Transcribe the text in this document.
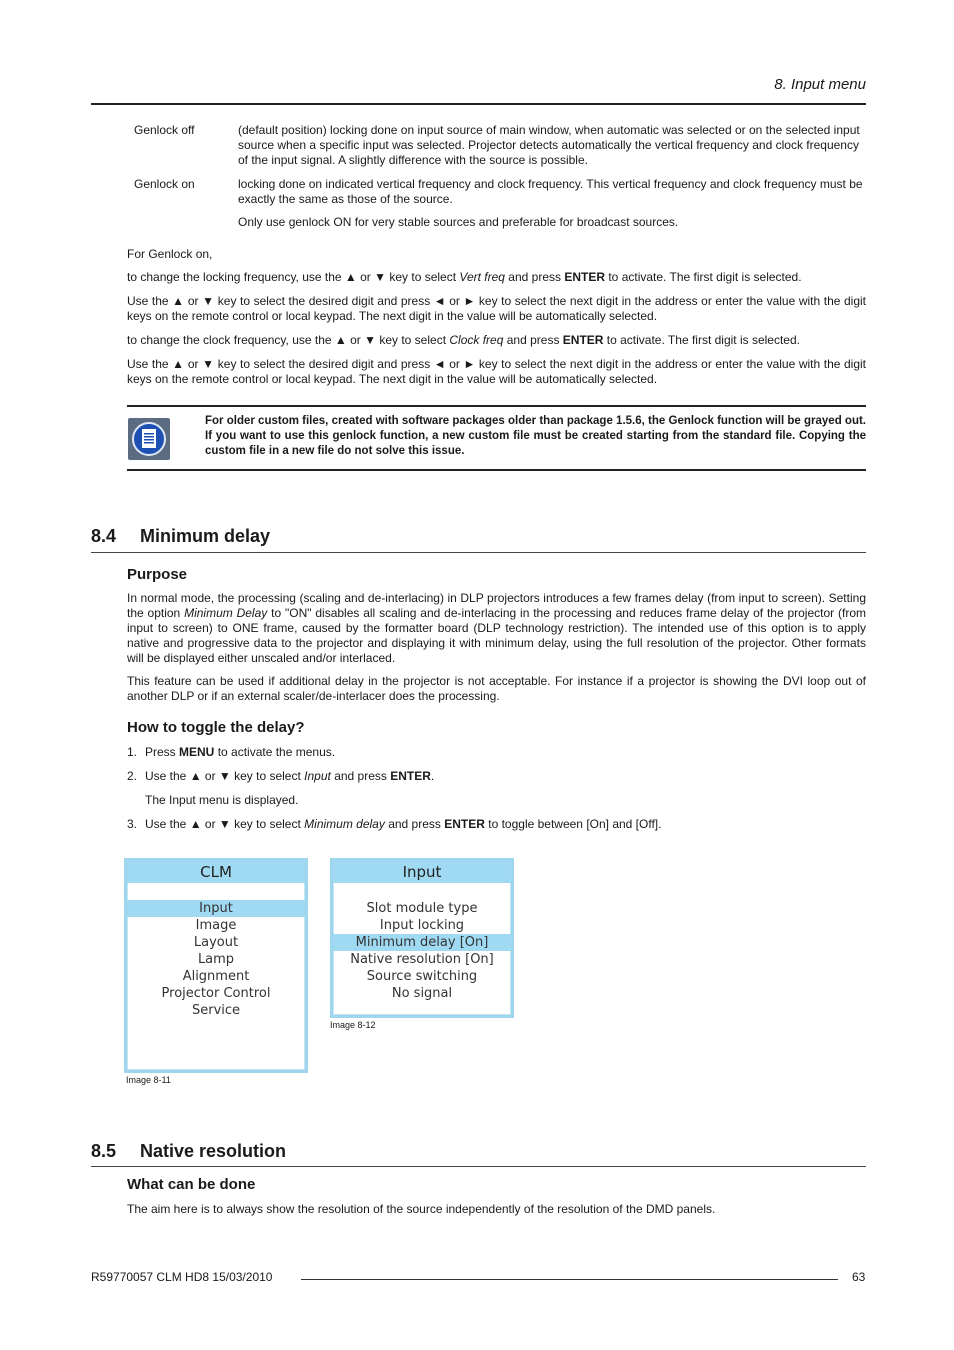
8. Input menu
Genlock off	(default position) locking done on input source of main window, when automatic was selected or on the selected input source when a specific input was selected. Projector detects automatically the vertical frequency and clock frequency of the input signal. A slightly difference with the source is possible.
Genlock on	locking done on indicated vertical frequency and clock frequency. This vertical frequency and clock frequency must be exactly the same as those of the source.
Only use genlock ON for very stable sources and preferable for broadcast sources.
For Genlock on,
to change the locking frequency, use the ▲ or ▼ key to select Vert freq and press ENTER to activate. The first digit is selected.
Use the ▲ or ▼ key to select the desired digit and press ◄ or ► key to select the next digit in the address or enter the value with the digit keys on the remote control or local keypad. The next digit in the value will be automatically selected.
to change the clock frequency, use the ▲ or ▼ key to select Clock freq and press ENTER to activate. The first digit is selected.
Use the ▲ or ▼ key to select the desired digit and press ◄ or ► key to select the next digit in the address or enter the value with the digit keys on the remote control or local keypad. The next digit in the value will be automatically selected.
For older custom files, created with software packages older than package 1.5.6, the Genlock function will be grayed out. If you want to use this genlock function, a new custom file must be created starting from the standard file. Copying the custom file in a new file do not solve this issue.
8.4 Minimum delay
Purpose
In normal mode, the processing (scaling and de-interlacing) in DLP projectors introduces a few frames delay (from input to screen). Setting the option Minimum Delay to "ON" disables all scaling and de-interlacing in the processing and reduces frame delay of the projector (from input to screen) to ONE frame, caused by the formatter board (DLP technology restriction). The intended use of this option is to apply native and progressive data to the projector and displaying it with minimum delay, using the full resolution of the projector. Other formats will be displayed either unscaled and/or interlaced.
This feature can be used if additional delay in the projector is not acceptable. For instance if a projector is showing the DVI loop out of another DLP or if an external scaler/de-interlacer does the processing.
How to toggle the delay?
1. Press MENU to activate the menus.
2. Use the ▲ or ▼ key to select Input and press ENTER.
The Input menu is displayed.
3. Use the ▲ or ▼ key to select Minimum delay and press ENTER to toggle between [On] and [Off].
CLM
Input
Image
Layout
Lamp
Alignment
Projector Control
Service
Image 8-11
Input
Slot module type
Input locking
Minimum delay [On]
Native resolution [On]
Source switching
No signal
Image 8-12
8.5 Native resolution
What can be done
The aim here is to always show the resolution of the source independently of the resolution of the DMD panels.
R59770057 CLM HD8 15/03/2010	63
